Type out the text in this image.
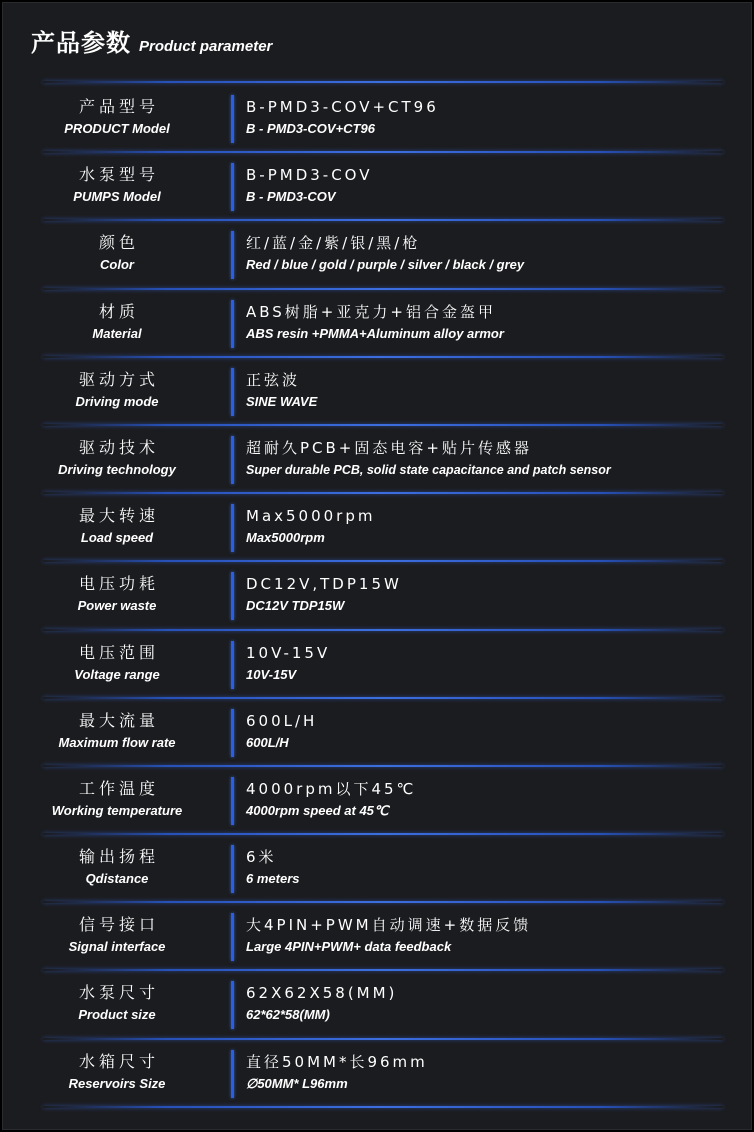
产品参数 Product parameter
产品型号
PRODUCT Model
B-PMD3-COV+CT96
B - PMD3-COV+CT96
水泵型号
PUMPS Model
B-PMD3-COV
B - PMD3-COV
颜色
Color
红/蓝/金/紫/银/黑/枪
Red / blue / gold / purple / silver / black / grey
材质
Material
ABS树脂+亚克力+铝合金盔甲
ABS resin +PMMA+Aluminum alloy armor
驱动方式
Driving mode
正弦波
SINE WAVE
驱动技术
Driving technology
超耐久PCB+固态电容+贴片传感器
Super durable PCB, solid state capacitance and patch sensor
最大转速
Load speed
Max5000rpm
Max5000rpm
电压功耗
Power waste
DC12V,TDP15W
DC12V TDP15W
电压范围
Voltage range
10V-15V
10V-15V
最大流量
Maximum flow rate
600L/H
600L/H
工作温度
Working temperature
4000rpm以下45℃
4000rpm speed at 45℃
输出扬程
Qdistance
6米
6 meters
信号接口
Signal interface
大4PIN+PWM自动调速+数据反馈
Large 4PIN+PWM+ data feedback
水泵尺寸
Product size
62X62X58(MM)
62*62*58(MM)
水箱尺寸
Reservoirs Size
直径50MM*长96mm
∅50MM* L96mm
